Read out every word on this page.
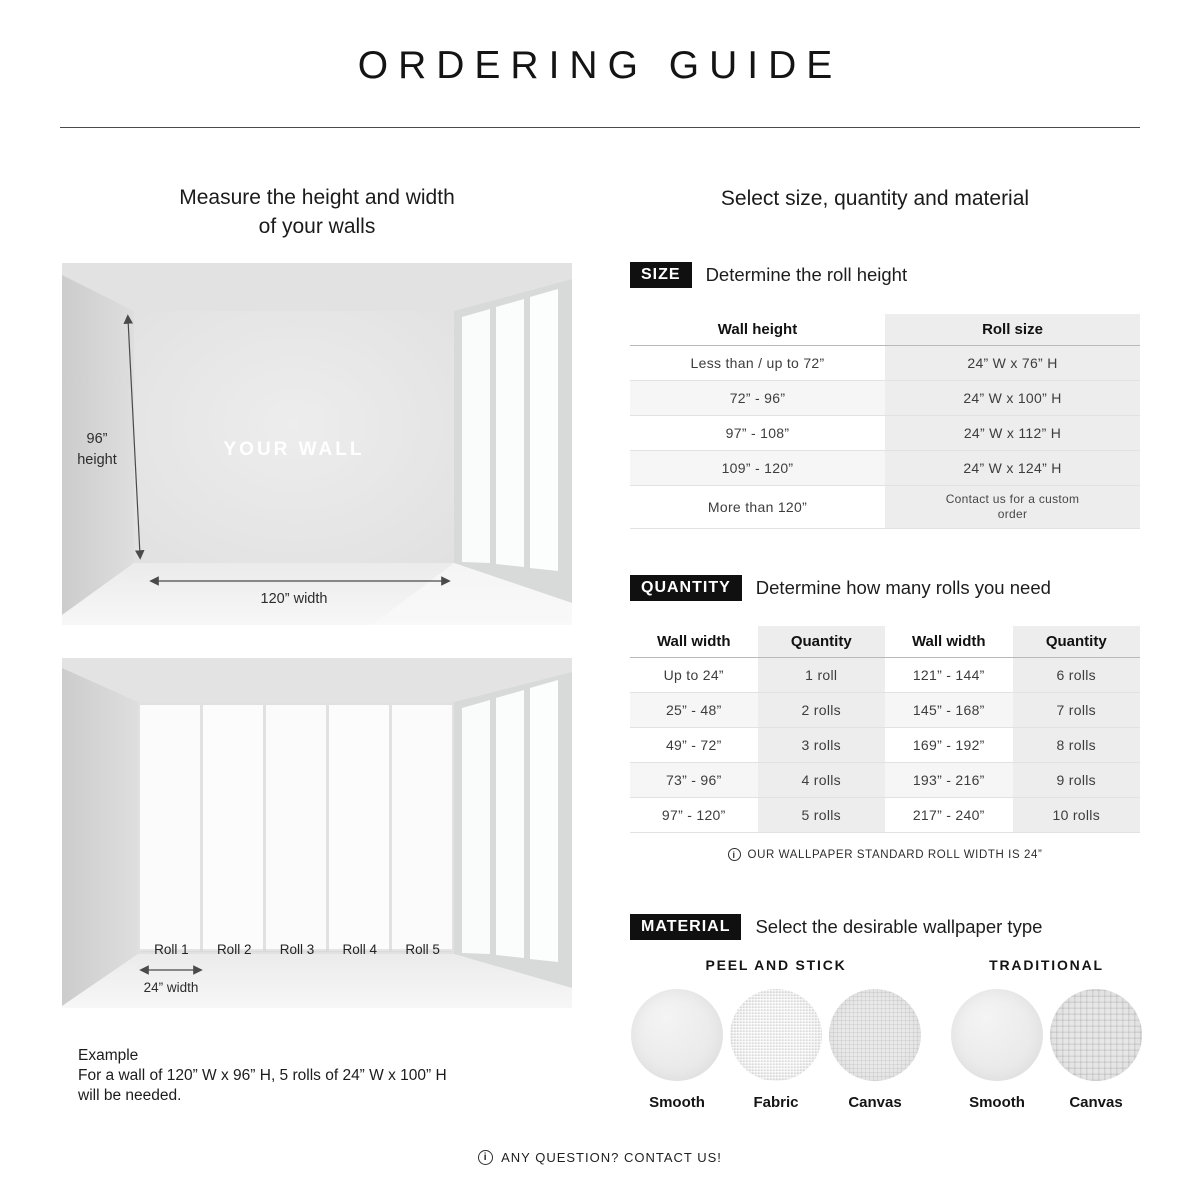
ORDERING GUIDE
Measure the height and width
of your walls
YOUR WALL
96”
height
120” width
Roll 1	Roll 2	Roll 3	Roll 4	Roll 5
24” width
Example
For a wall of 120” W x 96” H, 5 rolls of 24” W x 100” H
will be needed.
Select size, quantity and material
SIZE	Determine the roll height
Wall height	Roll size
Less than / up to 72”	24” W x 76” H
72” - 96”	24” W x 100” H
97” - 108”	24” W x 112” H
109” - 120”	24” W x 124” H
More than 120”	Contact us for a custom order
QUANTITY	Determine how many rolls you need
Wall width	Quantity	Wall width	Quantity
Up to 24”	1 roll	121” - 144”	6 rolls
25” - 48”	2 rolls	145” - 168”	7 rolls
49” - 72”	3 rolls	169” - 192”	8 rolls
73” - 96”	4 rolls	193” - 216”	9 rolls
97” - 120”	5 rolls	217” - 240”	10 rolls
i
OUR WALLPAPER STANDARD ROLL WIDTH IS 24”
MATERIAL	Select the desirable wallpaper type
PEEL AND STICK
Smooth	Fabric	Canvas
TRADITIONAL
Smooth	Canvas
i
ANY QUESTION? CONTACT US!
